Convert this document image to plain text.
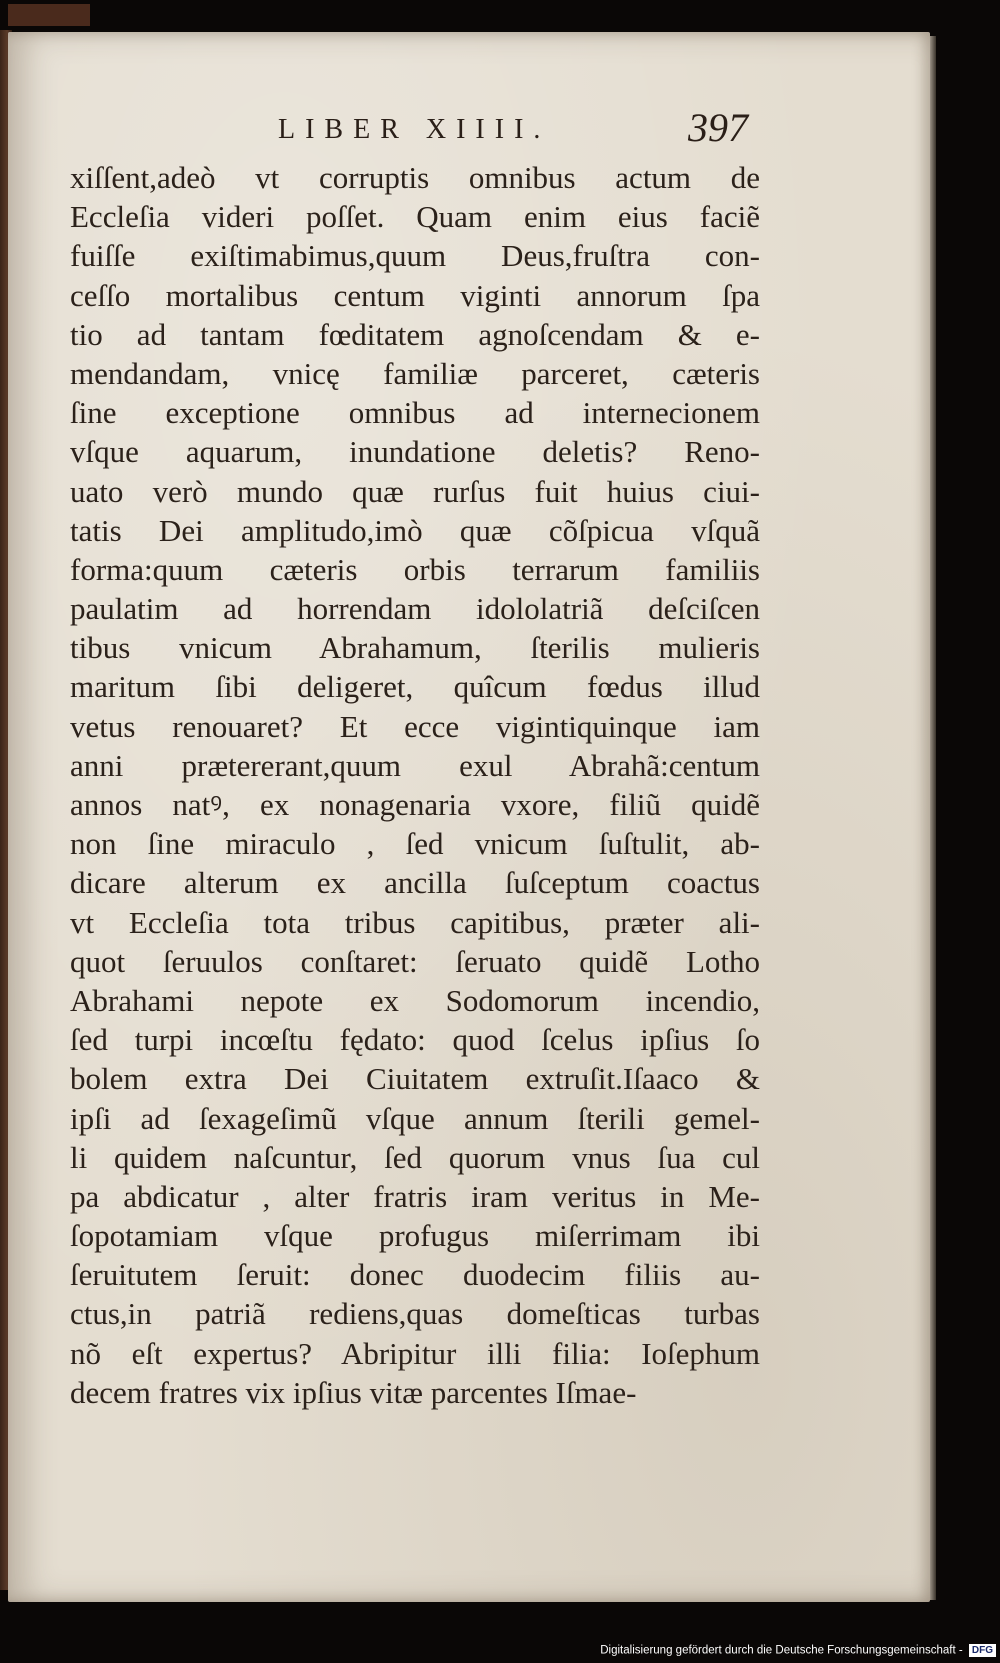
LIBER XIIII.	397
xiſſent,adeò vt corruptis omnibus actum de
Eccleſia videri poſſet. Quam enim eius faciẽ
fuiſſe exiſtimabimus,quum Deus,fruſtra con-
ceſſo mortalibus centum viginti annorum ſpa
tio ad tantam fœditatem agnoſcendam & e-
mendandam, vnicę familiæ parceret, cæteris
ſine exceptione omnibus ad internecionem
vſque aquarum, inundatione deletis? Reno-
uato verò mundo quæ rurſus fuit huius ciui-
tatis Dei amplitudo,imò quæ cõſpicua vſquã
forma:quum cæteris orbis terrarum familiis
paulatim ad horrendam idololatriã deſciſcen
tibus vnicum Abrahamum, ſterilis mulieris
maritum ſibi deligeret, quîcum fœdus illud
vetus renouaret? Et ecce vigintiquinque iam
anni prætererant,quum exul Abrahã:centum
annos natꝰ, ex nonagenaria vxore, filiũ quidẽ
non ſine miraculo , ſed vnicum ſuſtulit, ab-
dicare alterum ex ancilla ſuſceptum coactus
vt Eccleſia tota tribus capitibus, præter ali-
quot ſeruulos conſtaret: ſeruato quidẽ Lotho
Abrahami nepote ex Sodomorum incendio,
ſed turpi incœſtu fędato: quod ſcelus ipſius ſo
bolem extra Dei Ciuitatem extruſit.Iſaaco &
ipſi ad ſexageſimũ vſque annum ſterili gemel-
li quidem naſcuntur, ſed quorum vnus ſua cul
pa abdicatur , alter fratris iram veritus in Me-
ſopotamiam vſque profugus miſerrimam ibi
ſeruitutem ſeruit: donec duodecim filiis au-
ctus,in patriã rediens,quas domeſticas turbas
nõ eſt expertus? Abripitur illi filia: Ioſephum
decem fratres vix ipſius vitæ parcentes Iſmae-
Digitalisierung gefördert durch die Deutsche Forschungsgemeinschaft - DFG
